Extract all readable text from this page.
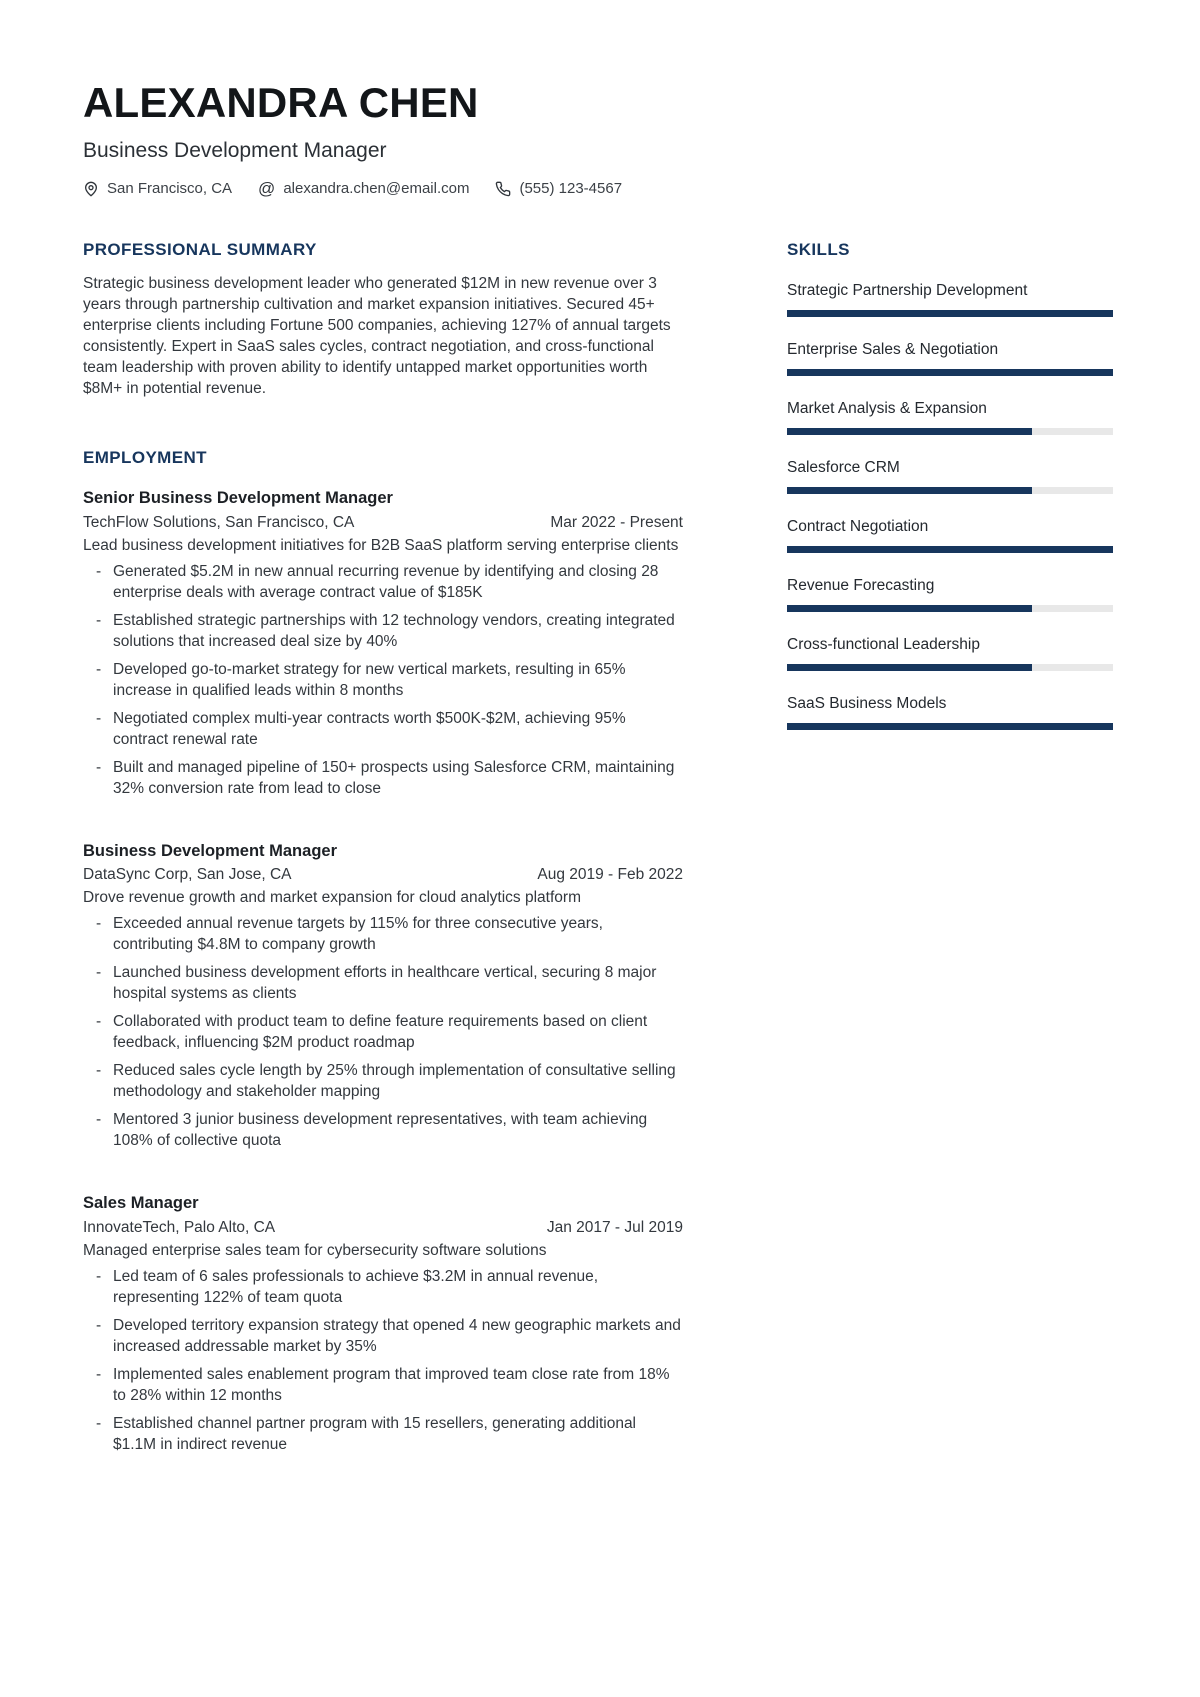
ALEXANDRA CHEN
Business Development Manager
San Francisco, CA @ alexandra.chen@email.com	(555) 123-4567
PROFESSIONAL SUMMARY
Strategic business development leader who generated $12M in new revenue over 3 years through partnership cultivation and market expansion initiatives. Secured 45+ enterprise clients including Fortune 500 companies, achieving 127% of annual targets consistently. Expert in SaaS sales cycles, contract negotiation, and cross-functional team leadership with proven ability to identify untapped market opportunities worth $8M+ in potential revenue.
EMPLOYMENT
Senior Business Development Manager
TechFlow Solutions, San Francisco, CA	Mar 2022 - Present
Lead business development initiatives for B2B SaaS platform serving enterprise clients
- Generated $5.2M in new annual recurring revenue by identifying and closing 28 enterprise deals with average contract value of $185K
- Established strategic partnerships with 12 technology vendors, creating integrated solutions that increased deal size by 40%
- Developed go-to-market strategy for new vertical markets, resulting in 65% increase in qualified leads within 8 months
- Negotiated complex multi-year contracts worth $500K-$2M, achieving 95% contract renewal rate
- Built and managed pipeline of 150+ prospects using Salesforce CRM, maintaining 32% conversion rate from lead to close
Business Development Manager
DataSync Corp, San Jose, CA	Aug 2019 - Feb 2022
Drove revenue growth and market expansion for cloud analytics platform
- Exceeded annual revenue targets by 115% for three consecutive years, contributing $4.8M to company growth
- Launched business development efforts in healthcare vertical, securing 8 major hospital systems as clients
- Collaborated with product team to define feature requirements based on client feedback, influencing $2M product roadmap
- Reduced sales cycle length by 25% through implementation of consultative selling methodology and stakeholder mapping
- Mentored 3 junior business development representatives, with team achieving 108% of collective quota
Sales Manager
InnovateTech, Palo Alto, CA	Jan 2017 - Jul 2019
Managed enterprise sales team for cybersecurity software solutions
- Led team of 6 sales professionals to achieve $3.2M in annual revenue, representing 122% of team quota
- Developed territory expansion strategy that opened 4 new geographic markets and increased addressable market by 35%
- Implemented sales enablement program that improved team close rate from 18% to 28% within 12 months
- Established channel partner program with 15 resellers, generating additional $1.1M in indirect revenue
SKILLS
Strategic Partnership Development
Enterprise Sales & Negotiation
Market Analysis & Expansion
Salesforce CRM
Contract Negotiation
Revenue Forecasting
Cross-functional Leadership
SaaS Business Models
